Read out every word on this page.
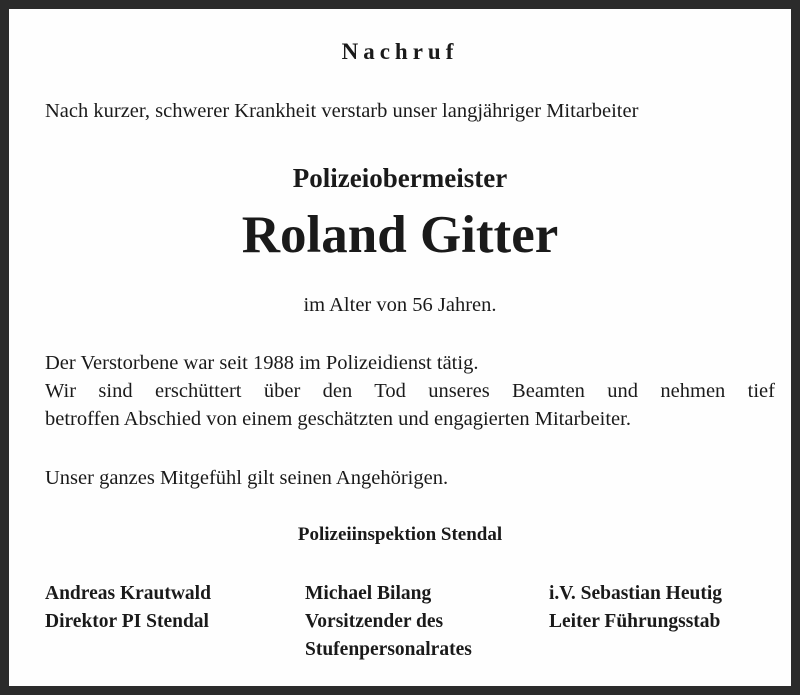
Nachruf
Nach kurzer, schwerer Krankheit verstarb unser langjähriger Mitarbeiter
Polizeiobermeister
Roland Gitter
im Alter von 56 Jahren.
Der Verstorbene war seit 1988 im Polizeidienst tätig.
Wir sind erschüttert über den Tod unseres Beamten und nehmen tief
betroffen Abschied von einem geschätzten und engagierten Mitarbeiter.
Unser ganzes Mitgefühl gilt seinen Angehörigen.
Polizeiinspektion Stendal
Andreas Krautwald
Direktor PI Stendal
Michael Bilang
Vorsitzender des
Stufenpersonalrates
i.V. Sebastian Heutig
Leiter Führungsstab
